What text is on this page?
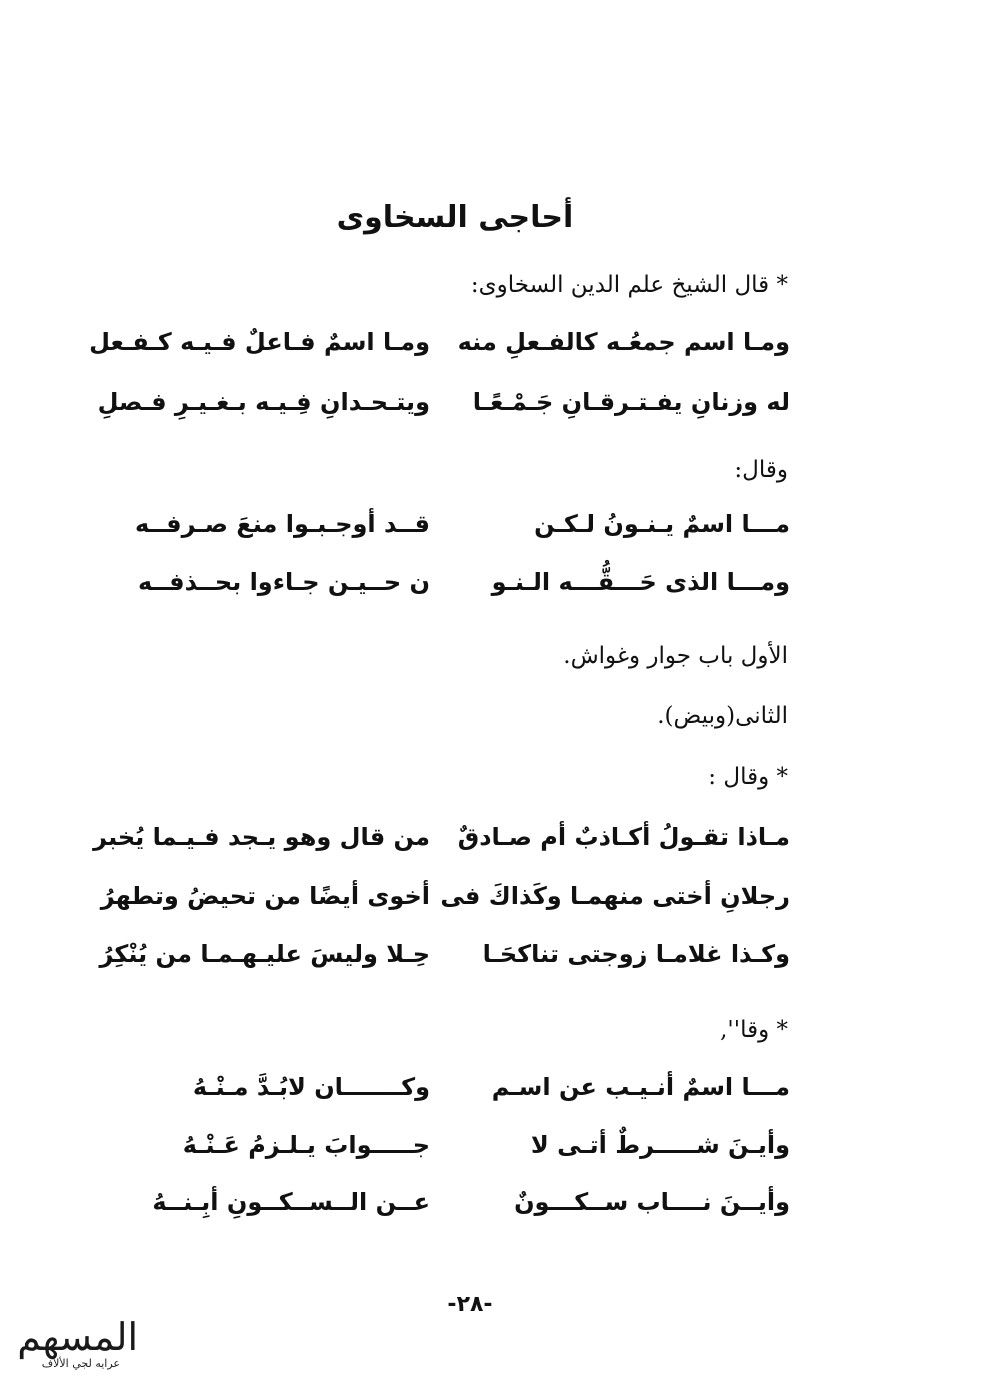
أحاجى السخاوى
* قال الشيخ علم الدين السخاوى:
ومـا اسم جمعُـه كالفـعلِ منه
ومـا اسمٌ فـاعلٌ فـيـه كـفـعل
له وزنانِ يفـتـرقـانِ جَـمْـعًـا
ويتـحـدانِ فِـيـه بـغـيـرِ فـصلِ
وقال:
مـــا اسمٌ يـنـونُ لـكـن
قــد أوجـبـوا منعَ صـرفــه
ومـــا الذى حَـــقُّـــه الـنـو
ن حــيـن جـاءوا بحــذفــه
الأول باب جوار وغواش.
الثانى(وبيض).
* وقال :
مـاذا تقـولُ أكـاذبٌ أم صـادقٌ
من قال وهو يـجد فـيـما يُخبر
رجلانِ أختى منهمـا وكَذاكَ فى
أخوى أيضًا من تحيضُ وتطهرُ
وكـذا غلامـا زوجتى تناكحَـا
حِـلا وليسَ عليـهـمـا من يُنْكِرُ
* وقا'',
مـــا اسمٌ أنـيـب عن اسـم
وكـــــــان لابُـدَّ مـنْـهُ
وأيـنَ شـــــرطٌ أتـى لا
جـــــوابَ يـلـزمُ عَـنْـهُ
وأيــنَ نــــاب ســكـــونٌ
عــن الــســكــونِ أبِـنــهُ
-٢٨-
المسهم
عرايه لجي الألاف
